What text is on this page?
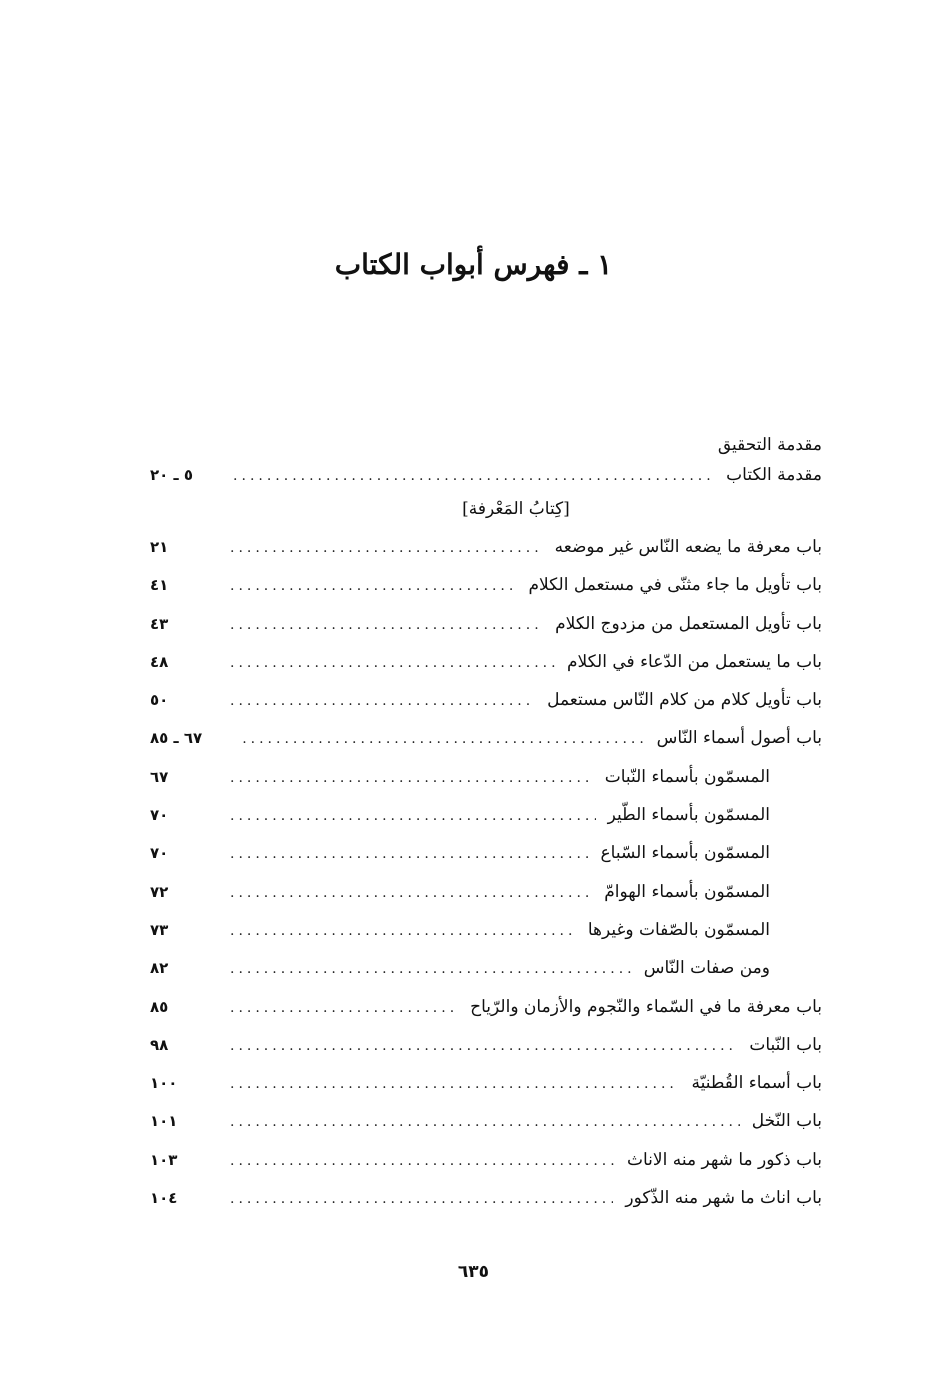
١ ـ فهرس أبواب الكتاب
مقدمة التحقيق
مقدمة الكتاب
.....
٥ ـ ٢٠
[كِتابُ المَعْرفة]
باب معرفة ما يضعه النّاس غير موضعه
.....
٢١
باب تأويل ما جاء مثنّى في مستعمل الكلام
.....
٤١
باب تأويل المستعمل من مزدوج الكلام
.....
٤٣
باب ما يستعمل من الدّعاء في الكلام
.....
٤٨
باب تأويل كلام من كلام النّاس مستعمل
.....
٥٠
باب أصول أسماء النّاس
.....
٦٧ ـ ٨٥
المسمّون بأسماء النّبات
.....
٦٧
المسمّون بأسماء الطّير
.....
٧٠
المسمّون بأسماء السّباع
.....
٧٠
المسمّون بأسماء الهوامّ
.....
٧٢
المسمّون بالصّفات وغيرها
.....
٧٣
ومن صفات النّاس
.....
٨٢
باب معرفة ما في السّماء والنّجوم والأزمان والرّياح
.....
٨٥
باب النّبات
.....
٩٨
باب أسماء القُطنيّة
.....
١٠٠
باب النّخل
.....
١٠١
باب ذكور ما شهر منه الاناث
.....
١٠٣
باب اناث ما شهر منه الذّكور
.....
١٠٤
٦٣٥
